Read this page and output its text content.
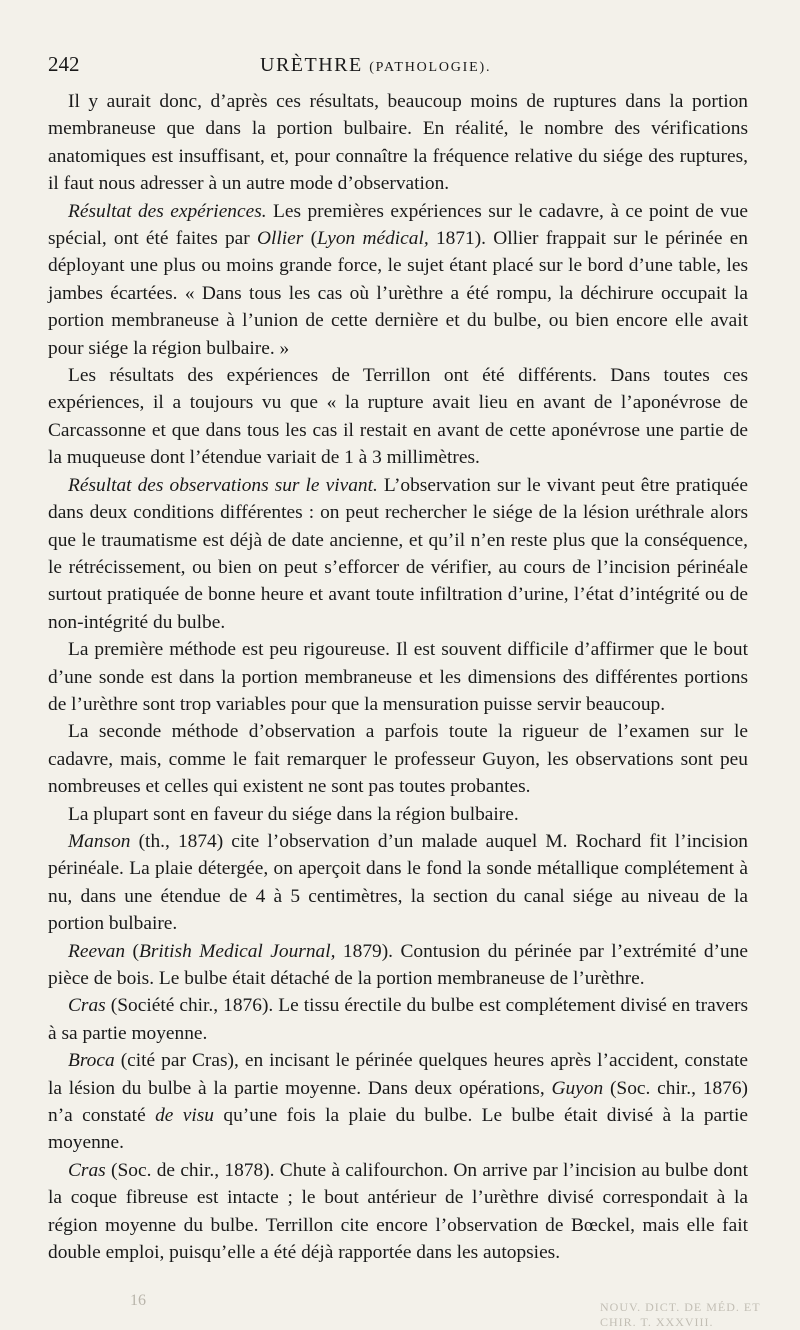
242	URÈTHRE (PATHOLOGIE).

Il y aurait donc, d’après ces résultats, beaucoup moins de ruptures dans la portion membraneuse que dans la portion bulbaire. En réalité, le nombre des vérifications anatomiques est insuffisant, et, pour connaître la fréquence relative du siége des ruptures, il faut nous adresser à un autre mode d’observation.

Résultat des expériences. Les premières expériences sur le cadavre, à ce point de vue spécial, ont été faites par Ollier (Lyon médical, 1871). Ollier frappait sur le périnée en déployant une plus ou moins grande force, le sujet étant placé sur le bord d’une table, les jambes écartées. « Dans tous les cas où l’urèthre a été rompu, la déchirure occupait la portion membraneuse à l’union de cette dernière et du bulbe, ou bien encore elle avait pour siége la région bulbaire. »

Les résultats des expériences de Terrillon ont été différents. Dans toutes ces expériences, il a toujours vu que « la rupture avait lieu en avant de l’aponévrose de Carcassonne et que dans tous les cas il restait en avant de cette aponévrose une partie de la muqueuse dont l’étendue variait de 1 à 3 millimètres.

Résultat des observations sur le vivant. L’observation sur le vivant peut être pratiquée dans deux conditions différentes : on peut rechercher le siége de la lésion uréthrale alors que le traumatisme est déjà de date ancienne, et qu’il n’en reste plus que la conséquence, le rétrécissement, ou bien on peut s’efforcer de vérifier, au cours de l’incision périnéale surtout pratiquée de bonne heure et avant toute infiltration d’urine, l’état d’intégrité ou de non-intégrité du bulbe.

La première méthode est peu rigoureuse. Il est souvent difficile d’affirmer que le bout d’une sonde est dans la portion membraneuse et les dimensions des différentes portions de l’urèthre sont trop variables pour que la mensuration puisse servir beaucoup.

La seconde méthode d’observation a parfois toute la rigueur de l’examen sur le cadavre, mais, comme le fait remarquer le professeur Guyon, les observations sont peu nombreuses et celles qui existent ne sont pas toutes probantes.

La plupart sont en faveur du siége dans la région bulbaire.

Manson (th., 1874) cite l’observation d’un malade auquel M. Rochard fit l’incision périnéale. La plaie détergée, on aperçoit dans le fond la sonde métallique complétement à nu, dans une étendue de 4 à 5 centimètres, la section du canal siége au niveau de la portion bulbaire.

Reevan (British Medical Journal, 1879). Contusion du périnée par l’extrémité d’une pièce de bois. Le bulbe était détaché de la portion membraneuse de l’urèthre.

Cras (Société chir., 1876). Le tissu érectile du bulbe est complétement divisé en travers à sa partie moyenne.

Broca (cité par Cras), en incisant le périnée quelques heures après l’accident, constate la lésion du bulbe à la partie moyenne. Dans deux opérations, Guyon (Soc. chir., 1876) n’a constaté de visu qu’une fois la plaie du bulbe. Le bulbe était divisé à la partie moyenne.

Cras (Soc. de chir., 1878). Chute à califourchon. On arrive par l’incision au bulbe dont la coque fibreuse est intacte ; le bout antérieur de l’urèthre divisé correspondait à la région moyenne du bulbe. Terrillon cite encore l’observation de Bœckel, mais elle fait double emploi, puisqu’elle a été déjà rapportée dans les autopsies.

16	NOUV. DICT. DE MÉD. ET CHIR. T. XXXVIII.
